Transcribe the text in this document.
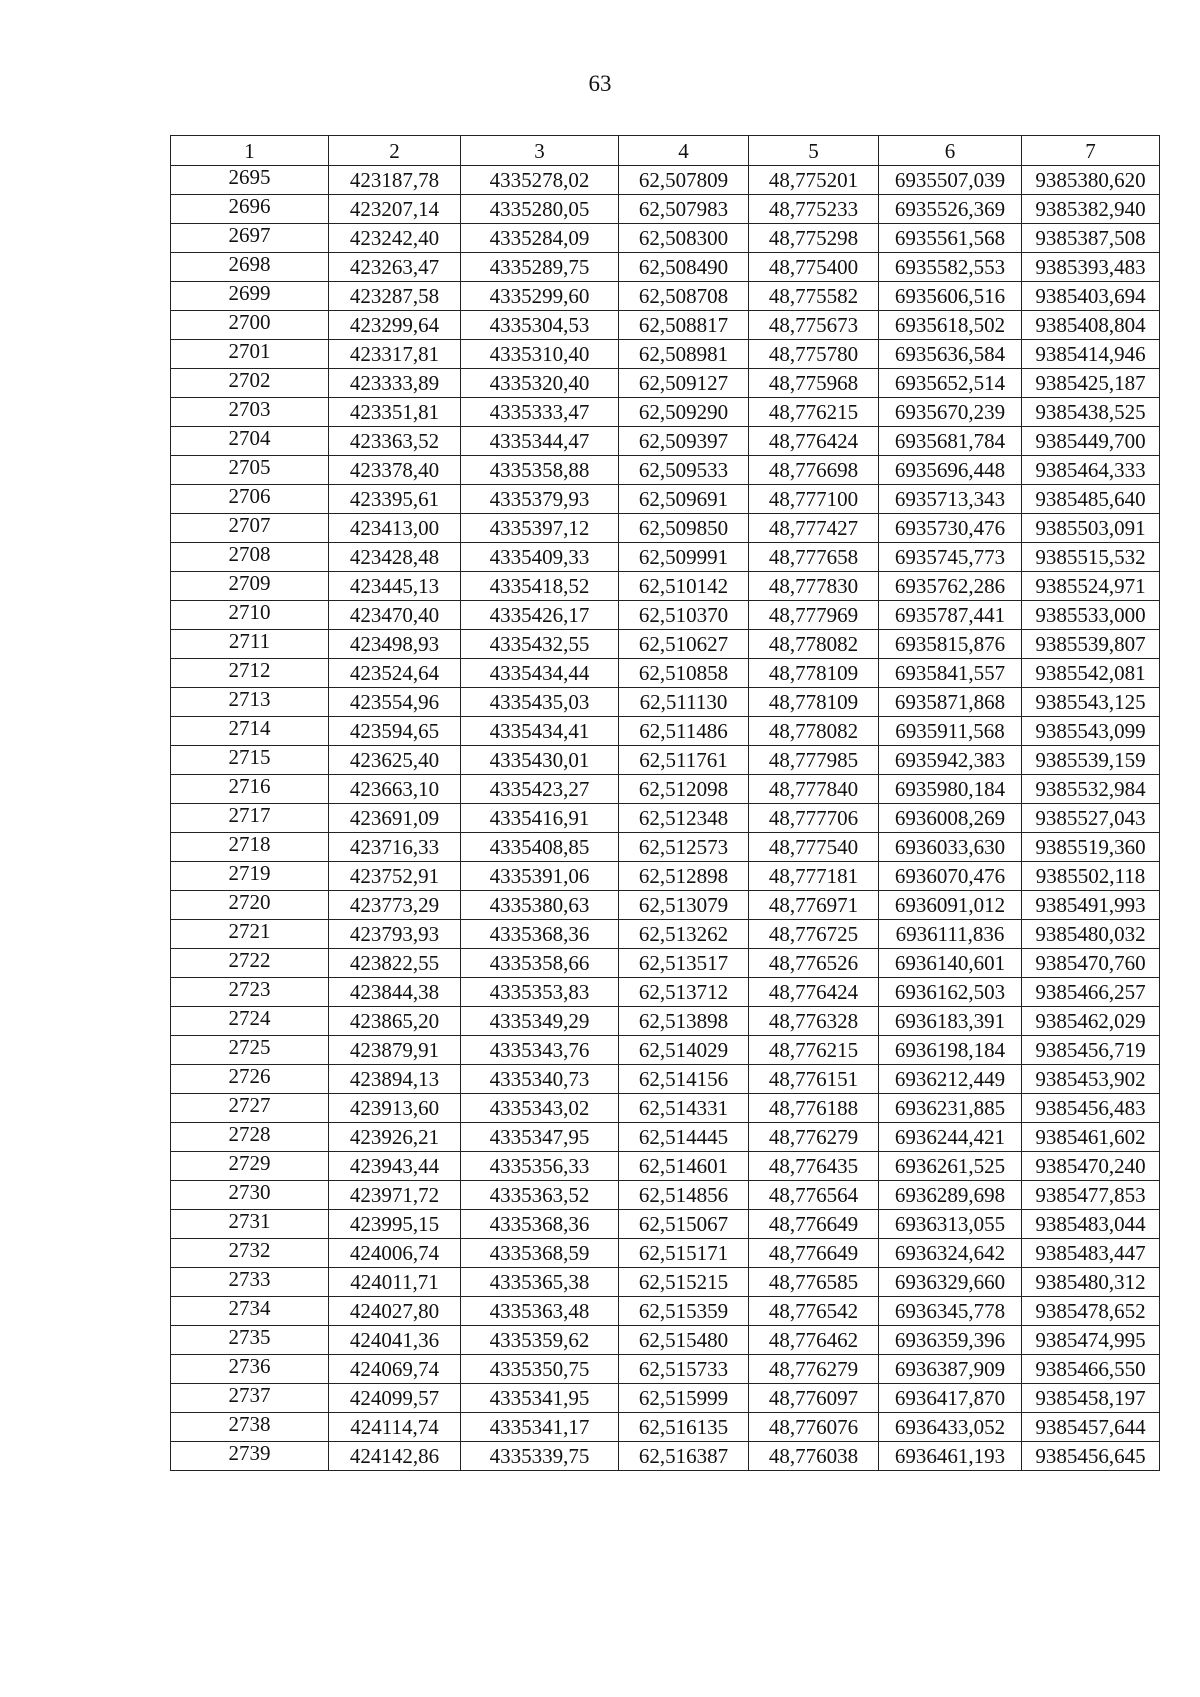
63
1	2	3	4	5	6	7
2695	423187,78	4335278,02	62,507809	48,775201	6935507,039	9385380,620
2696	423207,14	4335280,05	62,507983	48,775233	6935526,369	9385382,940
2697	423242,40	4335284,09	62,508300	48,775298	6935561,568	9385387,508
2698	423263,47	4335289,75	62,508490	48,775400	6935582,553	9385393,483
2699	423287,58	4335299,60	62,508708	48,775582	6935606,516	9385403,694
2700	423299,64	4335304,53	62,508817	48,775673	6935618,502	9385408,804
2701	423317,81	4335310,40	62,508981	48,775780	6935636,584	9385414,946
2702	423333,89	4335320,40	62,509127	48,775968	6935652,514	9385425,187
2703	423351,81	4335333,47	62,509290	48,776215	6935670,239	9385438,525
2704	423363,52	4335344,47	62,509397	48,776424	6935681,784	9385449,700
2705	423378,40	4335358,88	62,509533	48,776698	6935696,448	9385464,333
2706	423395,61	4335379,93	62,509691	48,777100	6935713,343	9385485,640
2707	423413,00	4335397,12	62,509850	48,777427	6935730,476	9385503,091
2708	423428,48	4335409,33	62,509991	48,777658	6935745,773	9385515,532
2709	423445,13	4335418,52	62,510142	48,777830	6935762,286	9385524,971
2710	423470,40	4335426,17	62,510370	48,777969	6935787,441	9385533,000
2711	423498,93	4335432,55	62,510627	48,778082	6935815,876	9385539,807
2712	423524,64	4335434,44	62,510858	48,778109	6935841,557	9385542,081
2713	423554,96	4335435,03	62,511130	48,778109	6935871,868	9385543,125
2714	423594,65	4335434,41	62,511486	48,778082	6935911,568	9385543,099
2715	423625,40	4335430,01	62,511761	48,777985	6935942,383	9385539,159
2716	423663,10	4335423,27	62,512098	48,777840	6935980,184	9385532,984
2717	423691,09	4335416,91	62,512348	48,777706	6936008,269	9385527,043
2718	423716,33	4335408,85	62,512573	48,777540	6936033,630	9385519,360
2719	423752,91	4335391,06	62,512898	48,777181	6936070,476	9385502,118
2720	423773,29	4335380,63	62,513079	48,776971	6936091,012	9385491,993
2721	423793,93	4335368,36	62,513262	48,776725	6936111,836	9385480,032
2722	423822,55	4335358,66	62,513517	48,776526	6936140,601	9385470,760
2723	423844,38	4335353,83	62,513712	48,776424	6936162,503	9385466,257
2724	423865,20	4335349,29	62,513898	48,776328	6936183,391	9385462,029
2725	423879,91	4335343,76	62,514029	48,776215	6936198,184	9385456,719
2726	423894,13	4335340,73	62,514156	48,776151	6936212,449	9385453,902
2727	423913,60	4335343,02	62,514331	48,776188	6936231,885	9385456,483
2728	423926,21	4335347,95	62,514445	48,776279	6936244,421	9385461,602
2729	423943,44	4335356,33	62,514601	48,776435	6936261,525	9385470,240
2730	423971,72	4335363,52	62,514856	48,776564	6936289,698	9385477,853
2731	423995,15	4335368,36	62,515067	48,776649	6936313,055	9385483,044
2732	424006,74	4335368,59	62,515171	48,776649	6936324,642	9385483,447
2733	424011,71	4335365,38	62,515215	48,776585	6936329,660	9385480,312
2734	424027,80	4335363,48	62,515359	48,776542	6936345,778	9385478,652
2735	424041,36	4335359,62	62,515480	48,776462	6936359,396	9385474,995
2736	424069,74	4335350,75	62,515733	48,776279	6936387,909	9385466,550
2737	424099,57	4335341,95	62,515999	48,776097	6936417,870	9385458,197
2738	424114,74	4335341,17	62,516135	48,776076	6936433,052	9385457,644
2739	424142,86	4335339,75	62,516387	48,776038	6936461,193	9385456,645
